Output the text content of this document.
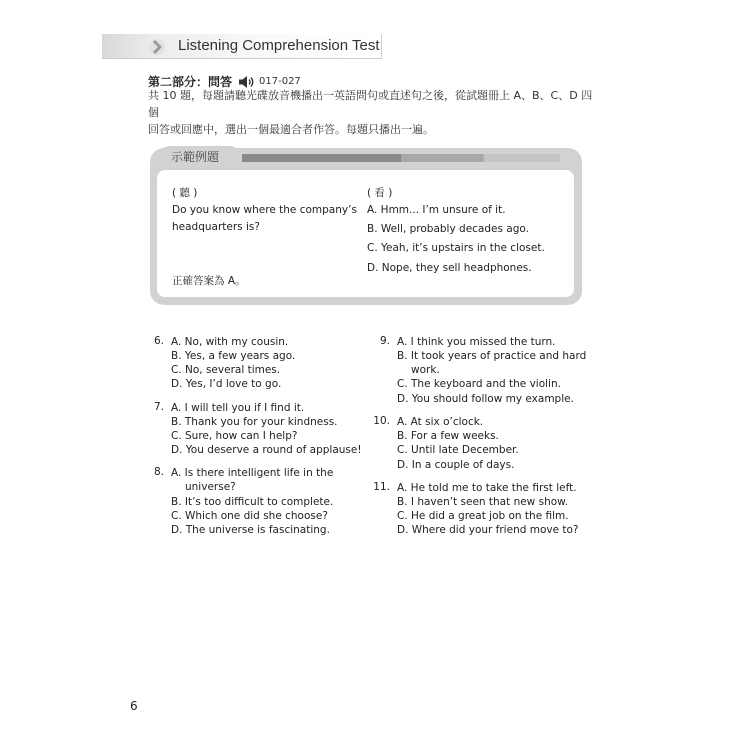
Listening Comprehension Test
第二部分：問答	017-027
共 10 題，每題請聽光碟放音機播出一英語問句或直述句之後，從試題冊上 A、B、C、D 四個
回答或回應中，選出一個最適合者作答。每題只播出一遍。
示範例題
( 聽 )
Do you know where the company’s
headquarters is?
正確答案為 A。
( 看 )
A. Hmm... I’m unsure of it.
B. Well, probably decades ago.
C. Yeah, it’s upstairs in the closet.
D. Nope, they sell headphones.
6. A. No, with my cousin.
B. Yes, a few years ago.
C. No, several times.
D. Yes, I’d love to go.
7. A. I will tell you if I find it.
B. Thank you for your kindness.
C. Sure, how can I help?
D. You deserve a round of applause!
8. A. Is there intelligent life in the
universe?
B. It’s too difficult to complete.
C. Which one did she choose?
D. The universe is fascinating.
9. A. I think you missed the turn.
B. It took years of practice and hard
work.
C. The keyboard and the violin.
D. You should follow my example.
10. A. At six o’clock.
B. For a few weeks.
C. Until late December.
D. In a couple of days.
11. A. He told me to take the first left.
B. I haven’t seen that new show.
C. He did a great job on the film.
D. Where did your friend move to?
6
